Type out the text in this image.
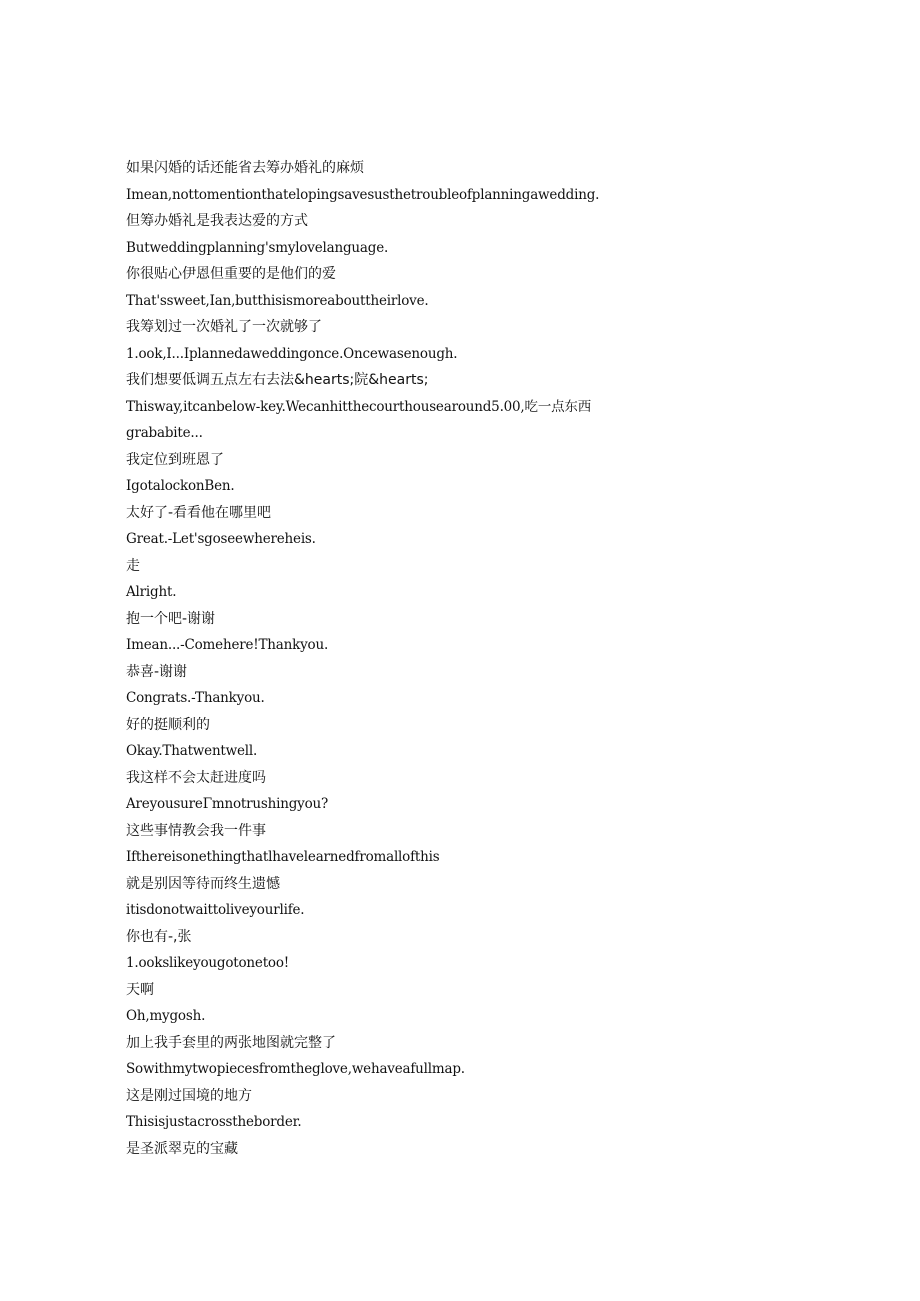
如果闪婚的话还能省去筹办婚礼的麻烦
Imean,nottomentionthatelopingsavesusthetroubleofplanningawedding.
但筹办婚礼是我表达爱的方式
Butweddingplanning'smylovelanguage.
你很贴心伊恩但重要的是他们的爱
That'ssweet,Ian,butthisismoreabouttheirlove.
我筹划过一次婚礼了一次就够了
1.ook,I...Iplannedaweddingonce.Oncewasenough.
我们想要低调五点左右去法&hearts;院&hearts;
Thisway,itcanbelow-key.Wecanhitthecourthousearound5.00,吃一点东西
grababite...
我定位到班恩了
IgotalockonBen.
太好了-看看他在哪里吧
Great.-Let'sgoseewhereheis.
走
Alright.
抱一个吧-谢谢
Imean...-Comehere!Thankyou.
恭喜-谢谢
Congrats.-Thankyou.
好的挺顺利的
Okay.Thatwentwell.
我这样不会太赶进度吗
AreyousureΓmnotrushingyou?
这些事情教会我一件事
Ifthereisonethingthatlhavelearnedfromallofthis
就是别因等待而终生遗憾
itisdonotwaittoliveyourlife.
你也有-,张
1.ookslikeyougotonetoo!
天啊
Oh,mygosh.
加上我手套里的两张地图就完整了
Sowithmytwopiecesfromtheglove,wehaveafullmap.
这是刚过国境的地方
Thisisjustacrosstheborder.
是圣派翠克的宝藏
